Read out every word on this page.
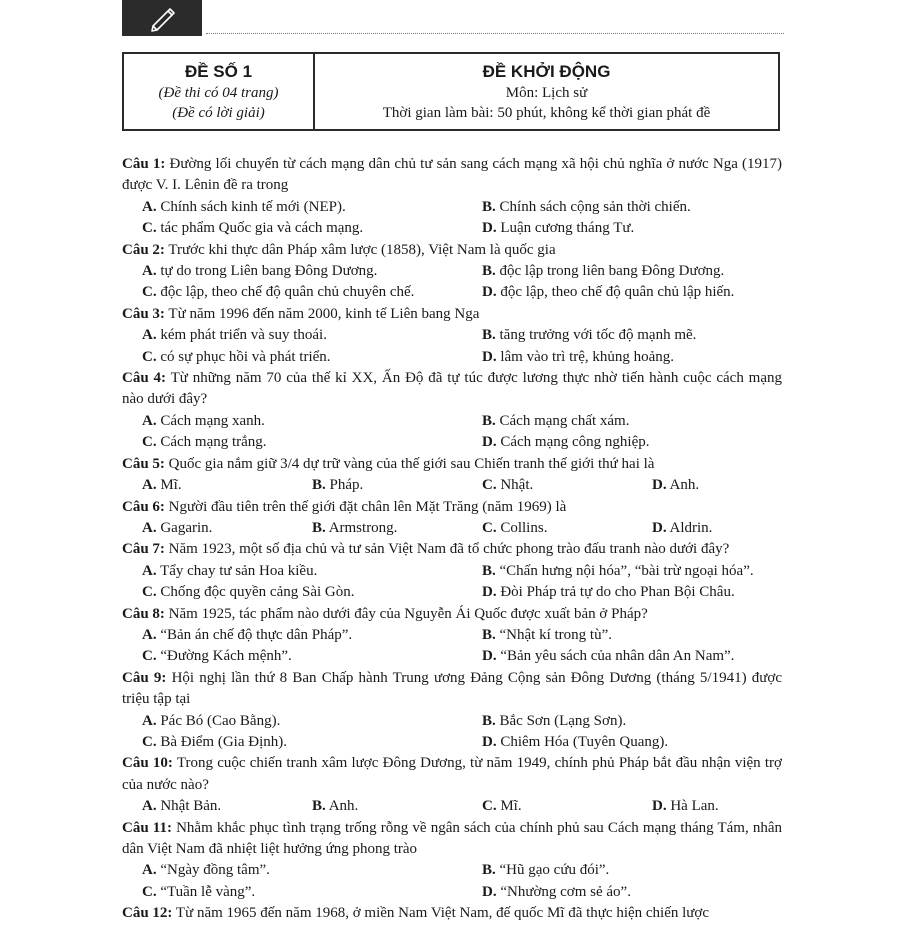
ĐỀ SỐ 1
(Đề thi có 04 trang)
(Đề có lời giải)
ĐỀ KHỞI ĐỘNG
Môn: Lịch sử
Thời gian làm bài: 50 phút, không kể thời gian phát đề
Câu 1: Đường lối chuyển từ cách mạng dân chủ tư sản sang cách mạng xã hội chủ nghĩa ở nước Nga (1917) được V. I. Lênin đề ra trong
A. Chính sách kinh tế mới (NEP).	B. Chính sách cộng sản thời chiến.
C. tác phẩm Quốc gia và cách mạng.	D. Luận cương tháng Tư.
Câu 2: Trước khi thực dân Pháp xâm lược (1858), Việt Nam là quốc gia
A. tự do trong Liên bang Đông Dương.	B. độc lập trong liên bang Đông Dương.
C. độc lập, theo chế độ quân chủ chuyên chế.	D. độc lập, theo chế độ quân chủ lập hiến.
Câu 3: Từ năm 1996 đến năm 2000, kinh tế Liên bang Nga
A. kém phát triển và suy thoái.	B. tăng trưởng với tốc độ mạnh mẽ.
C. có sự phục hồi và phát triển.	D. lâm vào trì trệ, khủng hoảng.
Câu 4: Từ những năm 70 của thế kỉ XX, Ấn Độ đã tự túc được lương thực nhờ tiến hành cuộc cách mạng nào dưới đây?
A. Cách mạng xanh.	B. Cách mạng chất xám.
C. Cách mạng trắng.	D. Cách mạng công nghiệp.
Câu 5: Quốc gia nắm giữ 3/4 dự trữ vàng của thế giới sau Chiến tranh thế giới thứ hai là
A. Mĩ.	B. Pháp.	C. Nhật.	D. Anh.
Câu 6: Người đầu tiên trên thế giới đặt chân lên Mặt Trăng (năm 1969) là
A. Gagarin.	B. Armstrong.	C. Collins.	D. Aldrin.
Câu 7: Năm 1923, một số địa chủ và tư sản Việt Nam đã tổ chức phong trào đấu tranh nào dưới đây?
A. Tẩy chay tư sản Hoa kiều.	B. “Chấn hưng nội hóa”, “bài trừ ngoại hóa”.
C. Chống độc quyền cảng Sài Gòn.	D. Đòi Pháp trả tự do cho Phan Bội Châu.
Câu 8: Năm 1925, tác phẩm nào dưới đây của Nguyễn Ái Quốc được xuất bản ở Pháp?
A. “Bản án chế độ thực dân Pháp”.	B. “Nhật kí trong tù”.
C. “Đường Kách mệnh”.	D. “Bản yêu sách của nhân dân An Nam”.
Câu 9: Hội nghị lần thứ 8 Ban Chấp hành Trung ương Đảng Cộng sản Đông Dương (tháng 5/1941) được triệu tập tại
A. Pác Bó (Cao Bằng).	B. Bắc Sơn (Lạng Sơn).
C. Bà Điểm (Gia Định).	D. Chiêm Hóa (Tuyên Quang).
Câu 10: Trong cuộc chiến tranh xâm lược Đông Dương, từ năm 1949, chính phủ Pháp bắt đầu nhận viện trợ của nước nào?
A. Nhật Bản.	B. Anh.	C. Mĩ.	D. Hà Lan.
Câu 11: Nhằm khắc phục tình trạng trống rỗng về ngân sách của chính phủ sau Cách mạng tháng Tám, nhân dân Việt Nam đã nhiệt liệt hưởng ứng phong trào
A. “Ngày đồng tâm”.	B. “Hũ gạo cứu đói”.
C. “Tuần lễ vàng”.	D. “Nhường cơm sẻ áo”.
Câu 12: Từ năm 1965 đến năm 1968, ở miền Nam Việt Nam, đế quốc Mĩ đã thực hiện chiến lược
